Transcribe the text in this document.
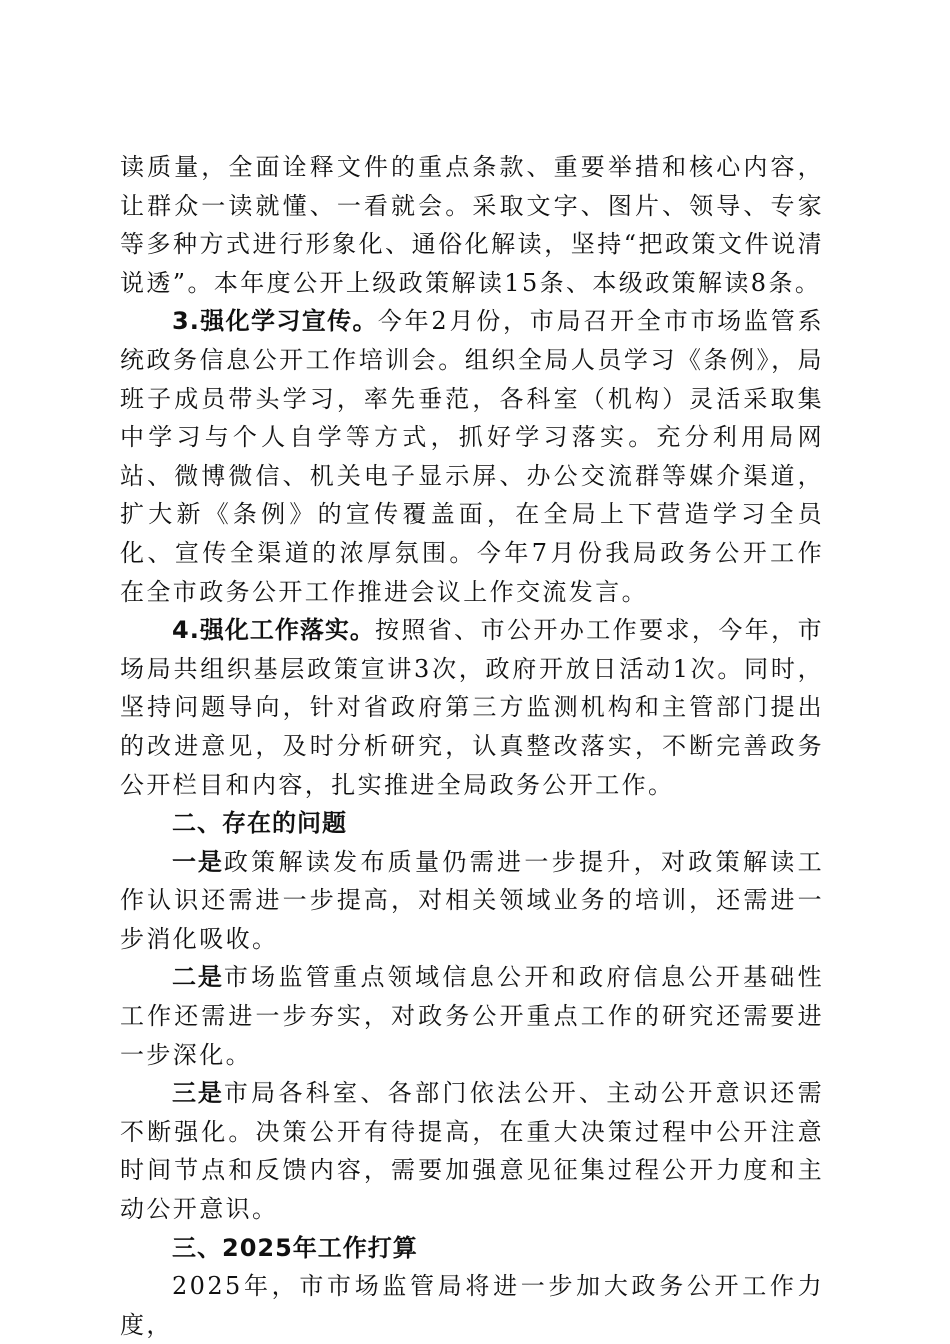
读质量，全面诠释文件的重点条款、重要举措和核心内容，让群众一读就懂、一看就会。采取文字、图片、领导、专家等多种方式进行形象化、通俗化解读，坚持“把政策文件说清说透”。本年度公开上级政策解读15条、本级政策解读8条。

3.强化学习宣传。今年2月份，市局召开全市市场监管系统政务信息公开工作培训会。组织全局人员学习《条例》，局班子成员带头学习，率先垂范，各科室（机构）灵活采取集中学习与个人自学等方式，抓好学习落实。充分利用局网站、微博微信、机关电子显示屏、办公交流群等媒介渠道，扩大新《条例》的宣传覆盖面，在全局上下营造学习全员化、宣传全渠道的浓厚氛围。今年7月份我局政务公开工作在全市政务公开工作推进会议上作交流发言。

4.强化工作落实。按照省、市公开办工作要求，今年，市场局共组织基层政策宣讲3次，政府开放日活动1次。同时，坚持问题导向，针对省政府第三方监测机构和主管部门提出的改进意见，及时分析研究，认真整改落实，不断完善政务公开栏目和内容，扎实推进全局政务公开工作。

二、存在的问题

一是政策解读发布质量仍需进一步提升，对政策解读工作认识还需进一步提高，对相关领域业务的培训，还需进一步消化吸收。

二是市场监管重点领域信息公开和政府信息公开基础性工作还需进一步夯实，对政务公开重点工作的研究还需要进一步深化。

三是市局各科室、各部门依法公开、主动公开意识还需不断强化。决策公开有待提高，在重大决策过程中公开注意时间节点和反馈内容，需要加强意见征集过程公开力度和主动公开意识。

三、2025年工作打算

2025年，市市场监管局将进一步加大政务公开工作力度，
